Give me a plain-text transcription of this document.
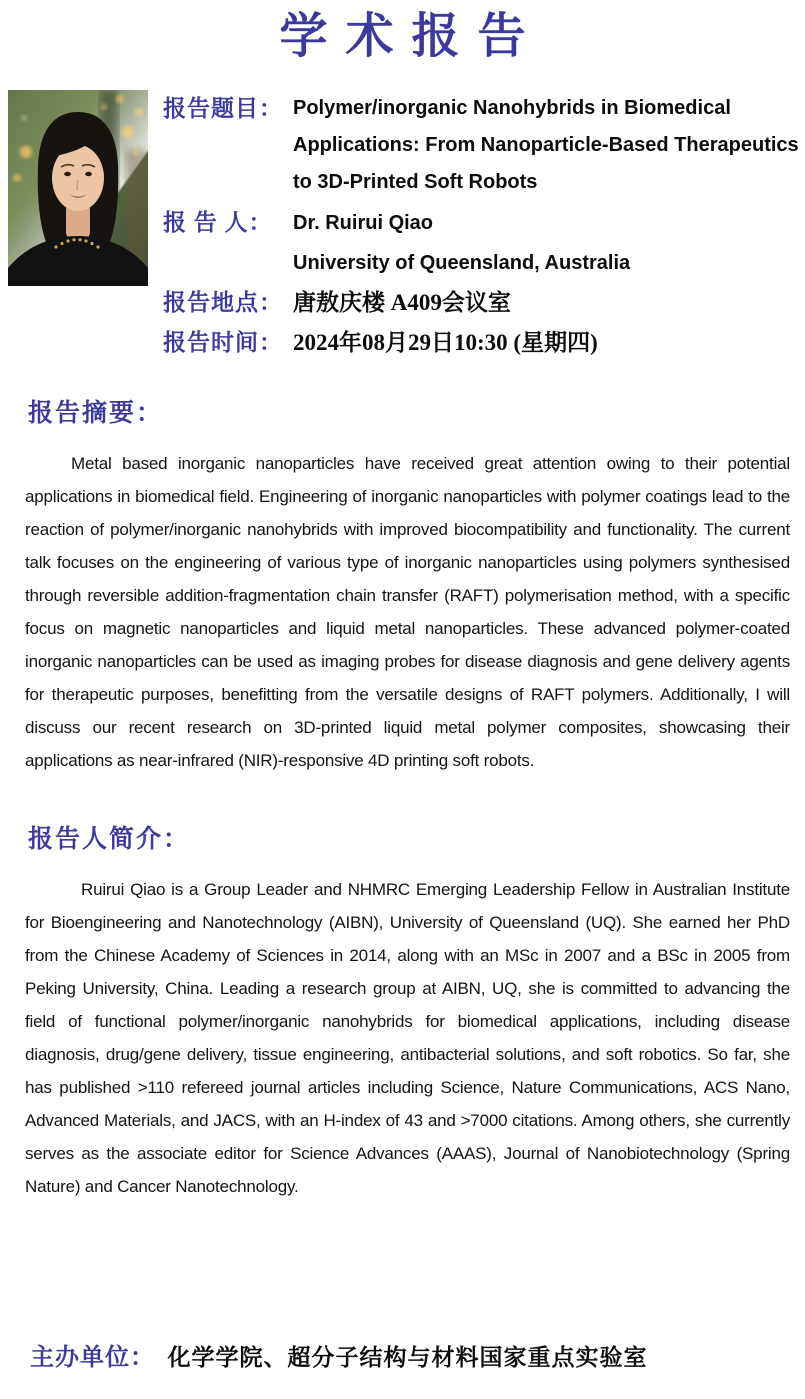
学术报告
报告题目： Polymer/inorganic Nanohybrids in Biomedical Applications: From Nanoparticle-Based Therapeutics to 3D-Printed Soft Robots
报 告 人：	Dr. Ruirui Qiao
University of Queensland, Australia
报告地点： 唐敖庆楼 A409会议室
报告时间： 2024年08月29日10:30 (星期四)
报告摘要：

Metal based inorganic nanoparticles have received great attention owing to their potential applications in biomedical field. Engineering of inorganic nanoparticles with polymer coatings lead to the reaction of polymer/inorganic nanohybrids with improved biocompatibility and functionality. The current talk focuses on the engineering of various type of inorganic nanoparticles using polymers synthesised through reversible addition-fragmentation chain transfer (RAFT) polymerisation method, with a specific focus on magnetic nanoparticles and liquid metal nanoparticles. These advanced polymer-coated inorganic nanoparticles can be used as imaging probes for disease diagnosis and gene delivery agents for therapeutic purposes, benefitting from the versatile designs of RAFT polymers. Additionally, I will discuss our recent research on 3D-printed liquid metal polymer composites, showcasing their applications as near-infrared (NIR)-responsive 4D printing soft robots.

报告人简介：

Ruirui Qiao is a Group Leader and NHMRC Emerging Leadership Fellow in Australian Institute for Bioengineering and Nanotechnology (AIBN), University of Queensland (UQ). She earned her PhD from the Chinese Academy of Sciences in 2014, along with an MSc in 2007 and a BSc in 2005 from Peking University, China. Leading a research group at AIBN, UQ, she is committed to advancing the field of functional polymer/inorganic nanohybrids for biomedical applications, including disease diagnosis, drug/gene delivery, tissue engineering, antibacterial solutions, and soft robotics. So far, she has published >110 refereed journal articles including Science, Nature Communications, ACS Nano, Advanced Materials, and JACS, with an H-index of 43 and >7000 citations. Among others, she currently serves as the associate editor for Science Advances (AAAS), Journal of Nanobiotechnology (Spring Nature) and Cancer Nanotechnology.

主办单位： 化学学院、超分子结构与材料国家重点实验室
